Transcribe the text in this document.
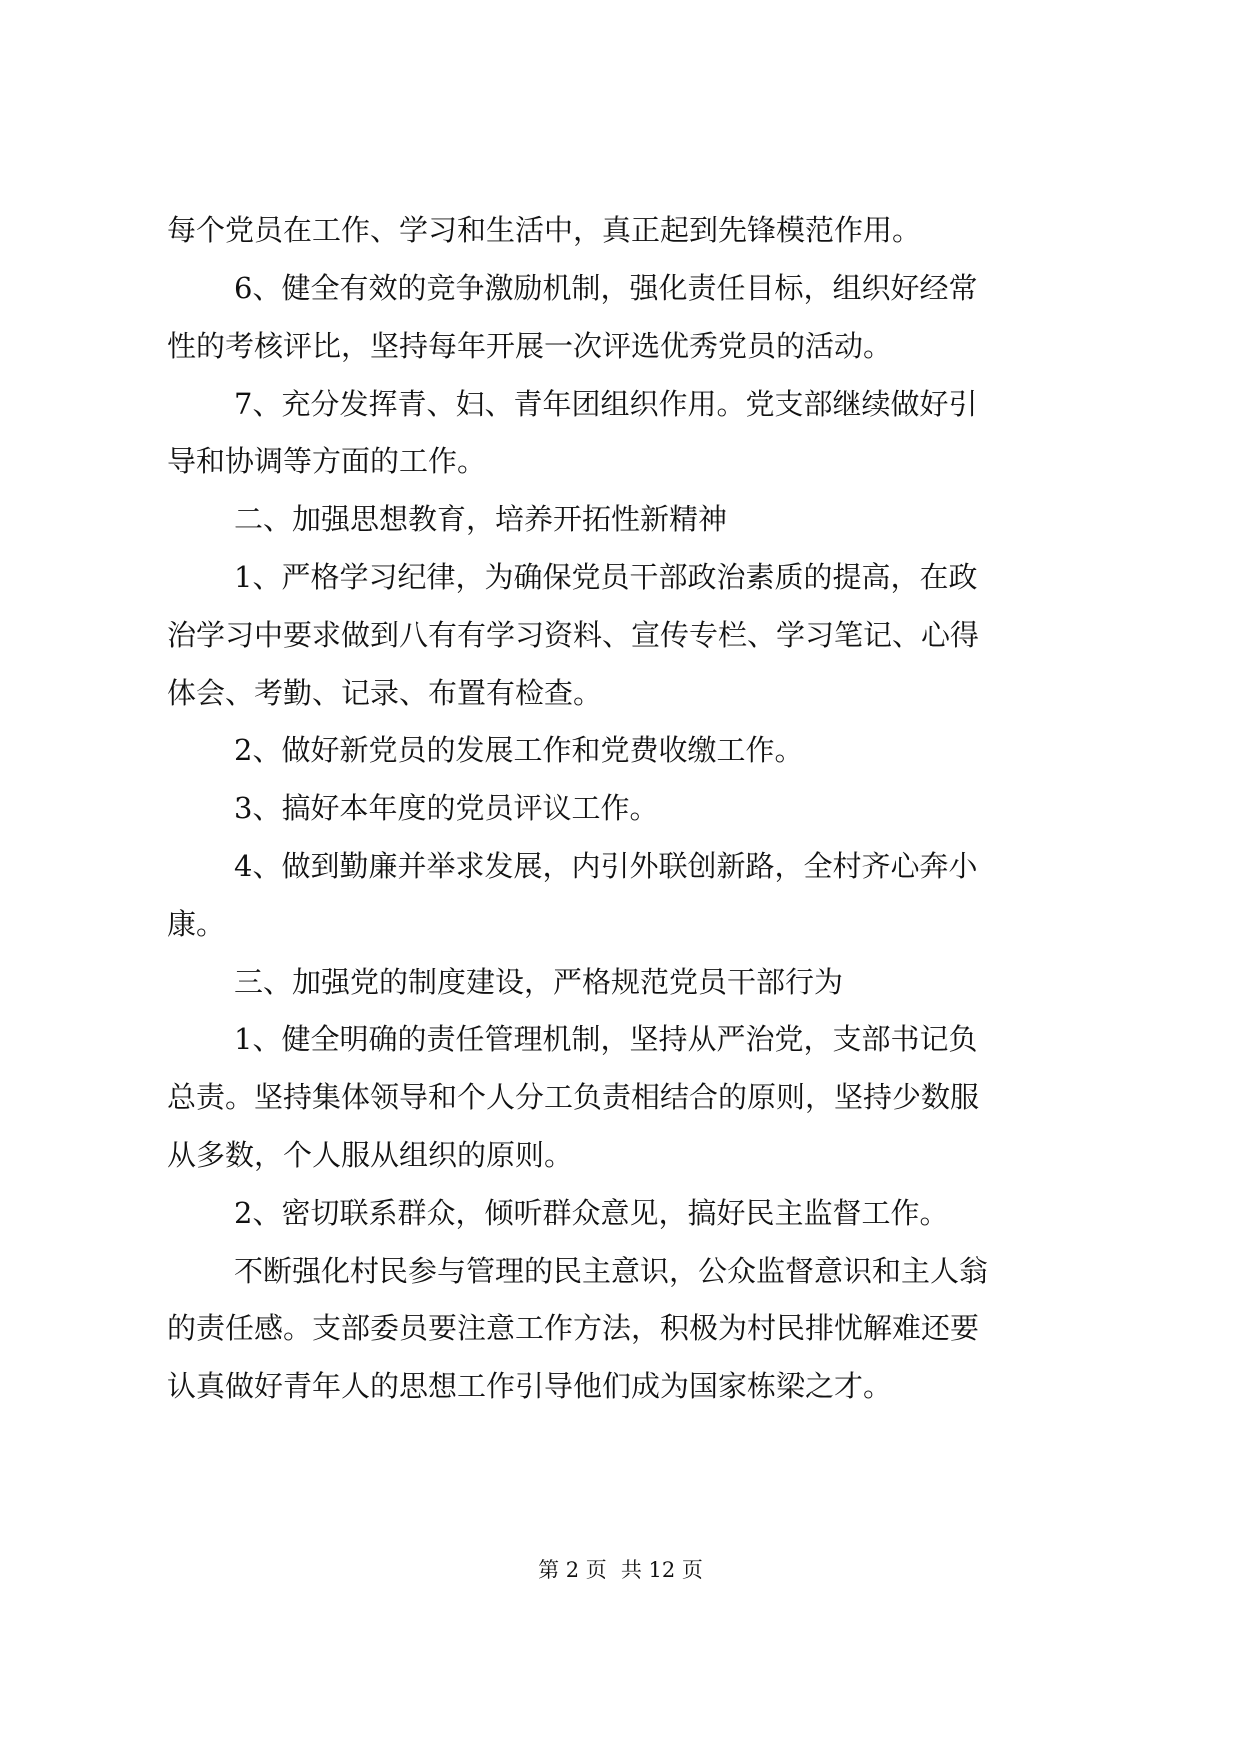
每个党员在工作、学习和生活中，真正起到先锋模范作用。
6、健全有效的竞争激励机制，强化责任目标，组织好经常
性的考核评比，坚持每年开展一次评选优秀党员的活动。
7、充分发挥青、妇、青年团组织作用。党支部继续做好引
导和协调等方面的工作。
二、加强思想教育，培养开拓性新精神
1、严格学习纪律，为确保党员干部政治素质的提高，在政
治学习中要求做到八有有学习资料、宣传专栏、学习笔记、心得
体会、考勤、记录、布置有检查。
2、做好新党员的发展工作和党费收缴工作。
3、搞好本年度的党员评议工作。
4、做到勤廉并举求发展，内引外联创新路，全村齐心奔小
康。
三、加强党的制度建设，严格规范党员干部行为
1、健全明确的责任管理机制，坚持从严治党，支部书记负
总责。坚持集体领导和个人分工负责相结合的原则，坚持少数服
从多数，个人服从组织的原则。
2、密切联系群众，倾听群众意见，搞好民主监督工作。
不断强化村民参与管理的民主意识，公众监督意识和主人翁
的责任感。支部委员要注意工作方法，积极为村民排忧解难还要
认真做好青年人的思想工作引导他们成为国家栋梁之才。
第 2 页 共 12 页
